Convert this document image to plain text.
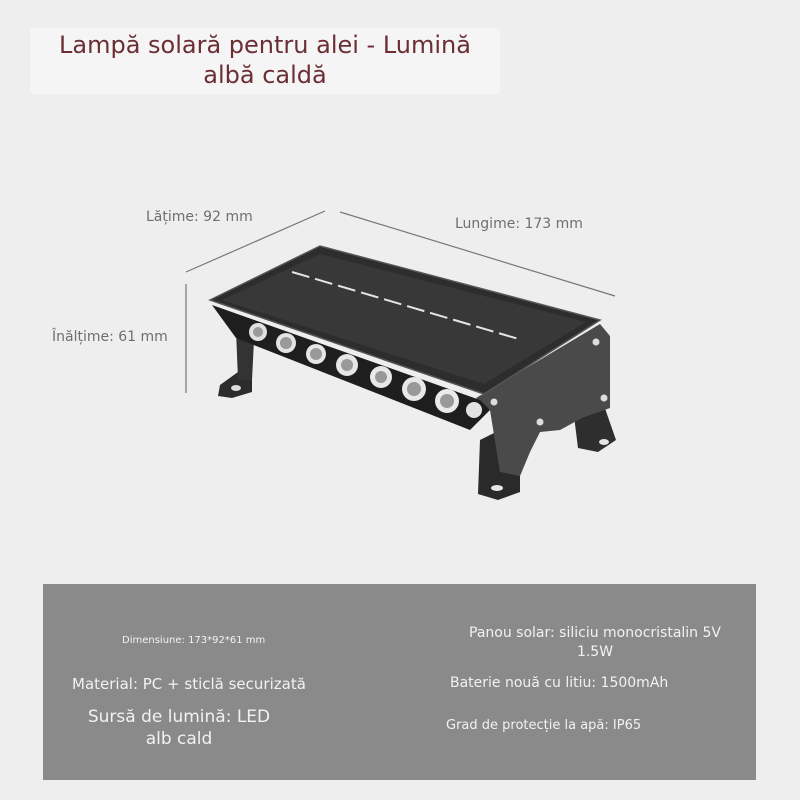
Lampă solară pentru alei - Lumină albă caldă
Lățime: 92 mm	Lungime: 173 mm
Înălțime: 61 mm
Dimensiune: 173*92*61 mm
Material: PC + sticlă securizată
Sursă de lumină: LED alb cald
Panou solar: siliciu monocristalin 5V 1.5W
Baterie nouă cu litiu: 1500mAh
Grad de protecție la apă: IP65
